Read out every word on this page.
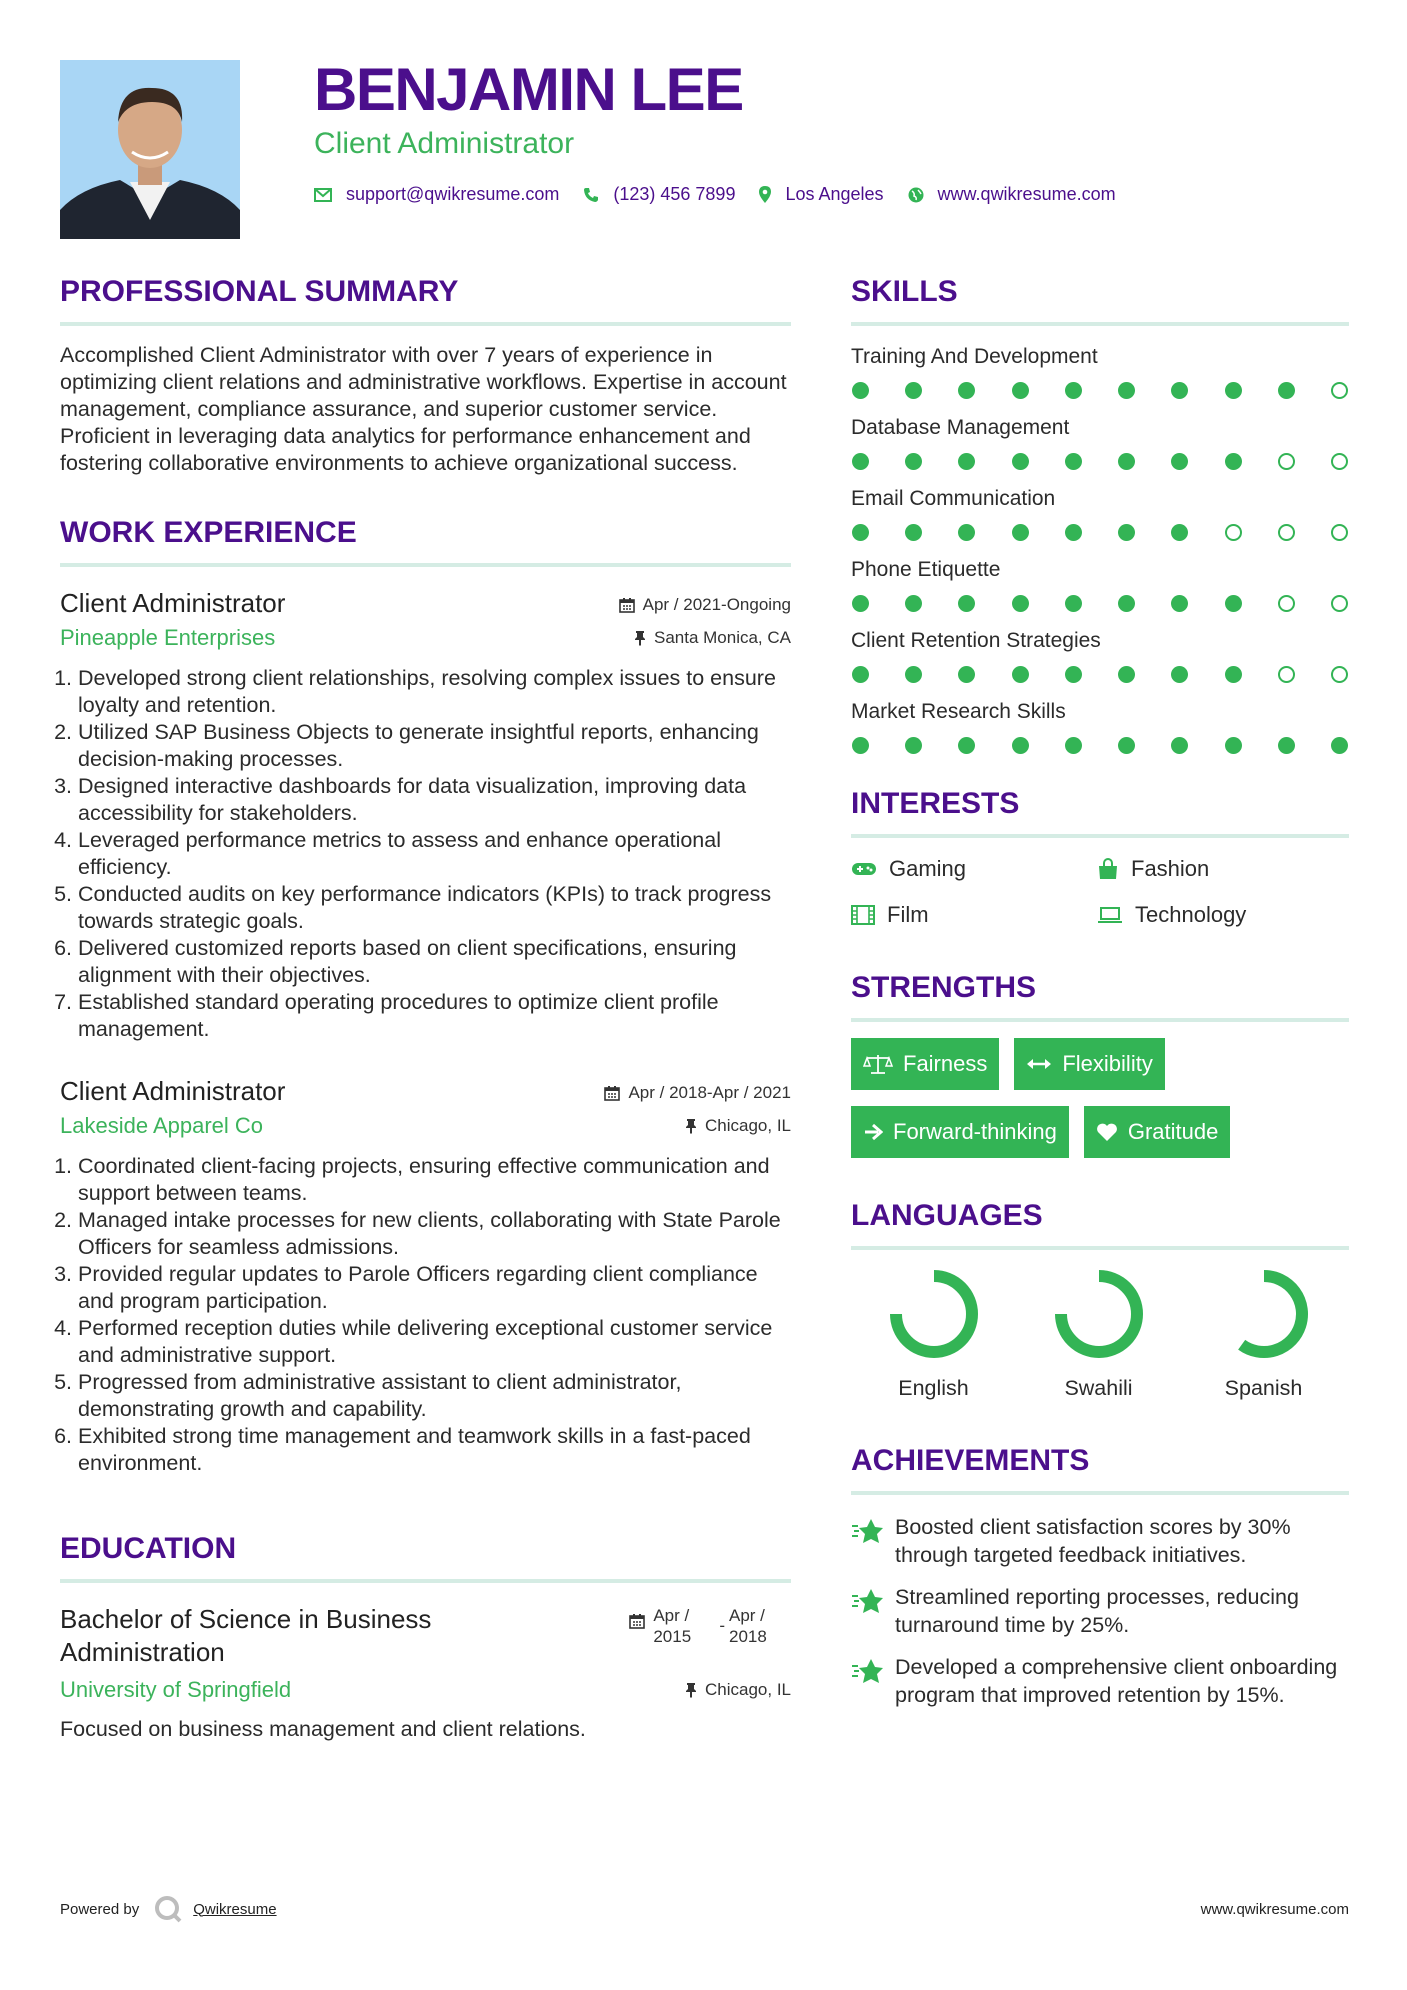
BENJAMIN LEE
Client Administrator
support@qwikresume.com	(123) 456 7899	Los Angeles	www.qwikresume.com
PROFESSIONAL SUMMARY

Accomplished Client Administrator with over 7 years of experience in optimizing client relations and administrative workflows. Expertise in account management, compliance assurance, and superior customer service. Proficient in leveraging data analytics for performance enhancement and fostering collaborative environments to achieve organizational success.

WORK EXPERIENCE
Client Administrator	Apr / 2021-Ongoing
Pineapple Enterprises	Santa Monica, CA
1. Developed strong client relationships, resolving complex issues to ensure loyalty and retention.
2. Utilized SAP Business Objects to generate insightful reports, enhancing decision-making processes.
3. Designed interactive dashboards for data visualization, improving data accessibility for stakeholders.
4. Leveraged performance metrics to assess and enhance operational efficiency.
5. Conducted audits on key performance indicators (KPIs) to track progress towards strategic goals.
6. Delivered customized reports based on client specifications, ensuring alignment with their objectives.
7. Established standard operating procedures to optimize client profile management.
Client Administrator	Apr / 2018-Apr / 2021
Lakeside Apparel Co	Chicago, IL
1. Coordinated client-facing projects, ensuring effective communication and support between teams.
2. Managed intake processes for new clients, collaborating with State Parole Officers for seamless admissions.
3. Provided regular updates to Parole Officers regarding client compliance and program participation.
4. Performed reception duties while delivering exceptional customer service and administrative support.
5. Progressed from administrative assistant to client administrator, demonstrating growth and capability.
6. Exhibited strong time management and teamwork skills in a fast-paced environment.
EDUCATION
Bachelor of Science in Business Administration
Apr / 2015
-
Apr / 2018
University of Springfield	Chicago, IL

Focused on business management and client relations.

SKILLS
Training And Development
Database Management
Email Communication
Phone Etiquette
Client Retention Strategies
Market Research Skills
INTERESTS
Gaming	Fashion
Film	Technology
STRENGTHS
Fairness	Flexibility
Forward-thinking	Gratitude
LANGUAGES
English	Swahili	Spanish
ACHIEVEMENTS
Boosted client satisfaction scores by 30% through targeted feedback initiatives.
Streamlined reporting processes, reducing turnaround time by 25%.
Developed a comprehensive client onboarding program that improved retention by 15%.
Powered by	Qwikresume	www.qwikresume.com
